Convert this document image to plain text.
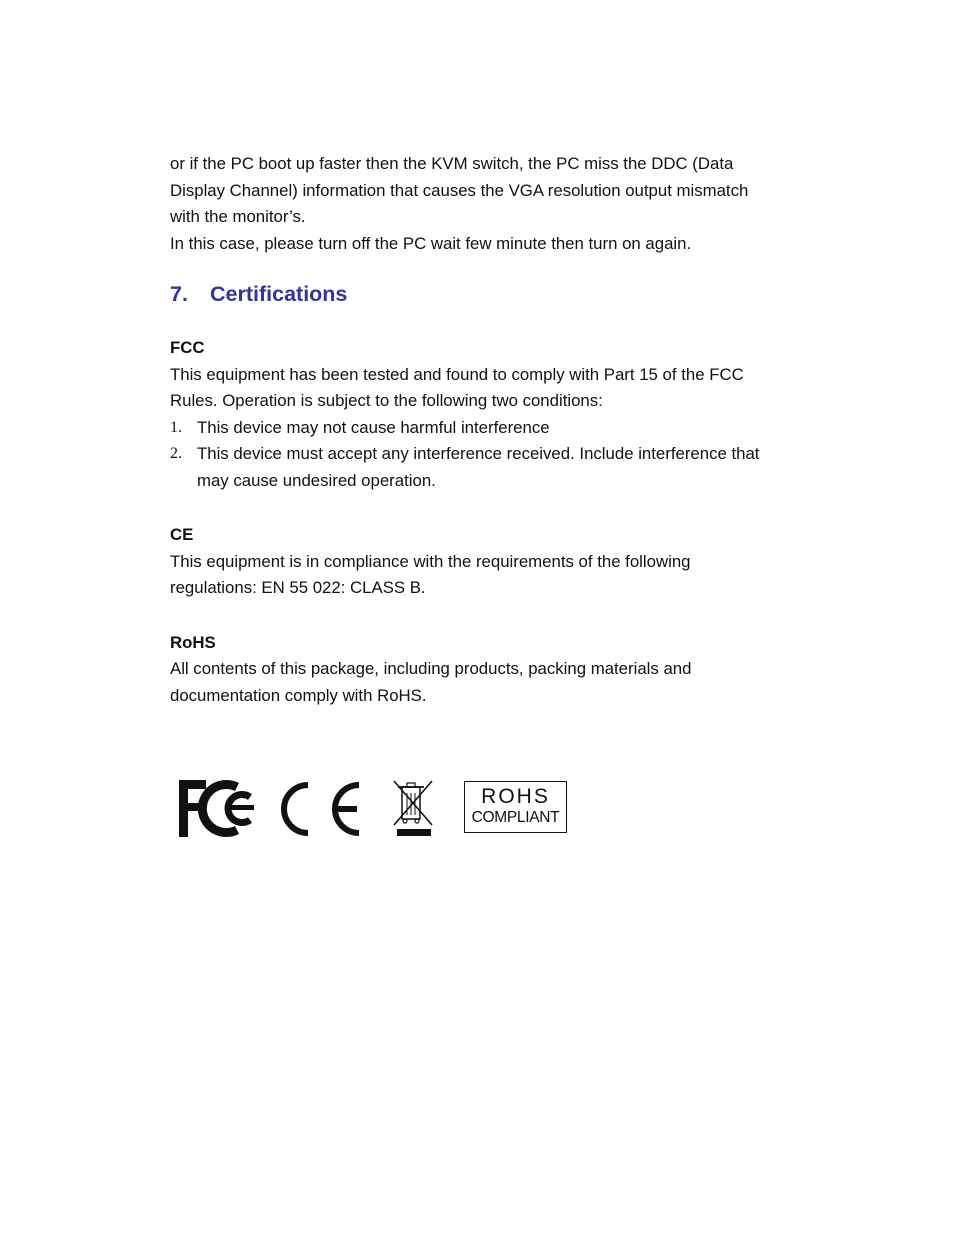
or if the PC boot up faster then the KVM switch, the PC miss the DDC (Data
Display Channel) information that causes the VGA resolution output mismatch
with the monitor’s.
In this case, please turn off the PC wait few minute then turn on again.
7.	Certifications
FCC
This equipment has been tested and found to comply with Part 15 of the FCC
Rules. Operation is subject to the following two conditions:
1. This device may not cause harmful interference
2. This device must accept any interference received. Include interference that
may cause undesired operation.
CE
This equipment is in compliance with the requirements of the following
regulations: EN 55 022: CLASS B.
RoHS
All contents of this package, including products, packing materials and
documentation comply with RoHS.
ROHS
COMPLIANT
